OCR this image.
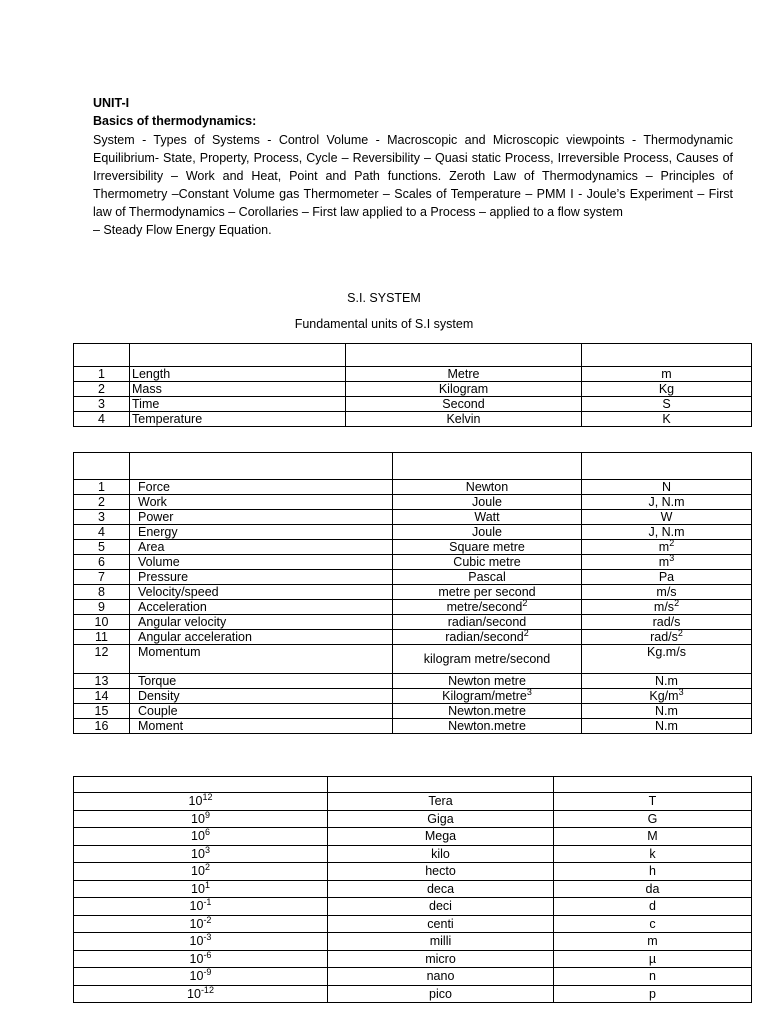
UNIT-I
Basics of thermodynamics:
System - Types of Systems - Control Volume - Macroscopic and Microscopic viewpoints - Thermodynamic Equilibrium- State, Property, Process, Cycle – Reversibility – Quasi static Process, Irreversible Process, Causes of Irreversibility – Work and Heat, Point and Path functions. Zeroth Law of Thermodynamics – Principles of Thermometry –Constant Volume gas Thermometer – Scales of Temperature – PMM I - Joule’s Experiment – First law of Thermodynamics – Corollaries – First law applied to a Process – applied to a flow system
– Steady Flow Energy Equation.
S.I. SYSTEM
Fundamental units of S.I system

1	Length	Metre	m
2	Mass	Kilogram	Kg
3	Time	Second	S
4	Temperature	Kelvin	K

1	Force	Newton	N
2	Work	Joule	J, N.m
3	Power	Watt	W
4	Energy	Joule	J, N.m
5	Area	Square metre	$m^2$
6	Volume	Cubic metre	$m^3$
7	Pressure	Pascal	Pa
8	Velocity/speed	metre per second	m/s
9	Acceleration	metre/second$^2$	$m/s^2$
10	Angular velocity	radian/second	rad/s
11	Angular acceleration	radian/second$^2$	rad/$s^2$
12	Momentum	kilogram metre/second	Kg.m/s
13	Torque	Newton metre	N.m
14	Density	Kilogram/metre$^3$	$Kg/m^3$
15	Couple	Newton.metre	N.m
16	Moment	Newton.metre	N.m

$10^{12}$	Tera	T
$10^9$	Giga	G
$10^6$	Mega	M
$10^3$	kilo	k
$10^2$	hecto	h
$10^1$	deca	da
$10^{-1}$	deci	d
$10^{-2}$	centi	c
$10^{-3}$	milli	m
$10^{-6}$	micro	µ
$10^{-9}$	nano	n
$10^{-12}$	pico	p
